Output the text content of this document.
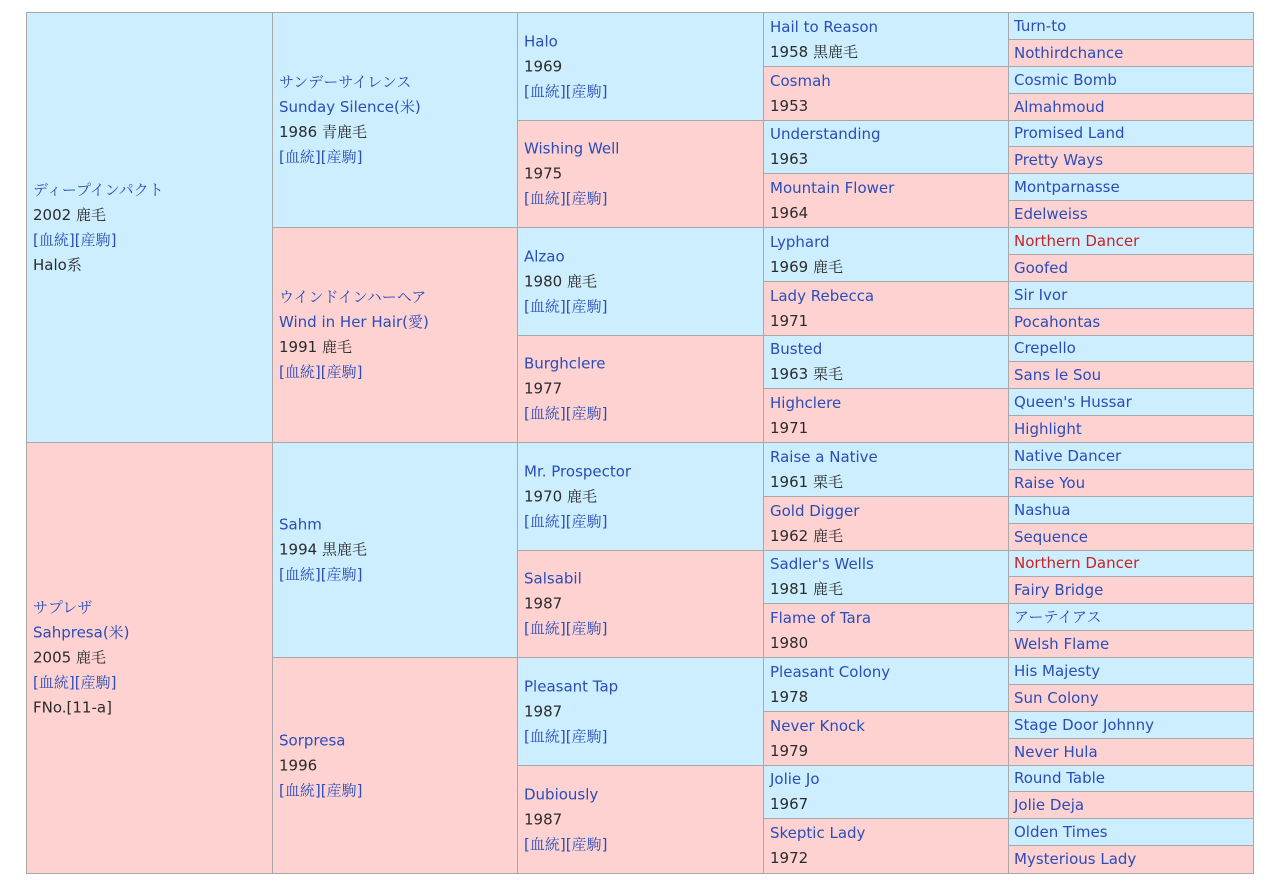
ディープインパクト
2002 鹿毛
[血統][産駒]
Halo系
サプレザ
Sahpresa(米)
2005 鹿毛
[血統][産駒]
FNo.[11-a]
サンデーサイレンス
Sunday Silence(米)
1986 青鹿毛
[血統][産駒]
ウインドインハーヘア
Wind in Her Hair(愛)
1991 鹿毛
[血統][産駒]
Sahm
1994 黒鹿毛
[血統][産駒]
Sorpresa
1996
[血統][産駒]
Halo
1969
[血統][産駒]
Wishing Well
1975
[血統][産駒]
Alzao
1980 鹿毛
[血統][産駒]
Burghclere
1977
[血統][産駒]
Mr. Prospector
1970 鹿毛
[血統][産駒]
Salsabil
1987
[血統][産駒]
Pleasant Tap
1987
[血統][産駒]
Dubiously
1987
[血統][産駒]
Hail to Reason
1958 黒鹿毛
Cosmah
1953
Understanding
1963
Mountain Flower
1964
Lyphard
1969 鹿毛
Lady Rebecca
1971
Busted
1963 栗毛
Highclere
1971
Raise a Native
1961 栗毛
Gold Digger
1962 鹿毛
Sadler's Wells
1981 鹿毛
Flame of Tara
1980
Pleasant Colony
1978
Never Knock
1979
Jolie Jo
1967
Skeptic Lady
1972
Turn-to
Nothirdchance
Cosmic Bomb
Almahmoud
Promised Land
Pretty Ways
Montparnasse
Edelweiss
Northern Dancer
Goofed
Sir Ivor
Pocahontas
Crepello
Sans le Sou
Queen's Hussar
Highlight
Native Dancer
Raise You
Nashua
Sequence
Northern Dancer
Fairy Bridge
アーテイアス
Welsh Flame
His Majesty
Sun Colony
Stage Door Johnny
Never Hula
Round Table
Jolie Deja
Olden Times
Mysterious Lady
